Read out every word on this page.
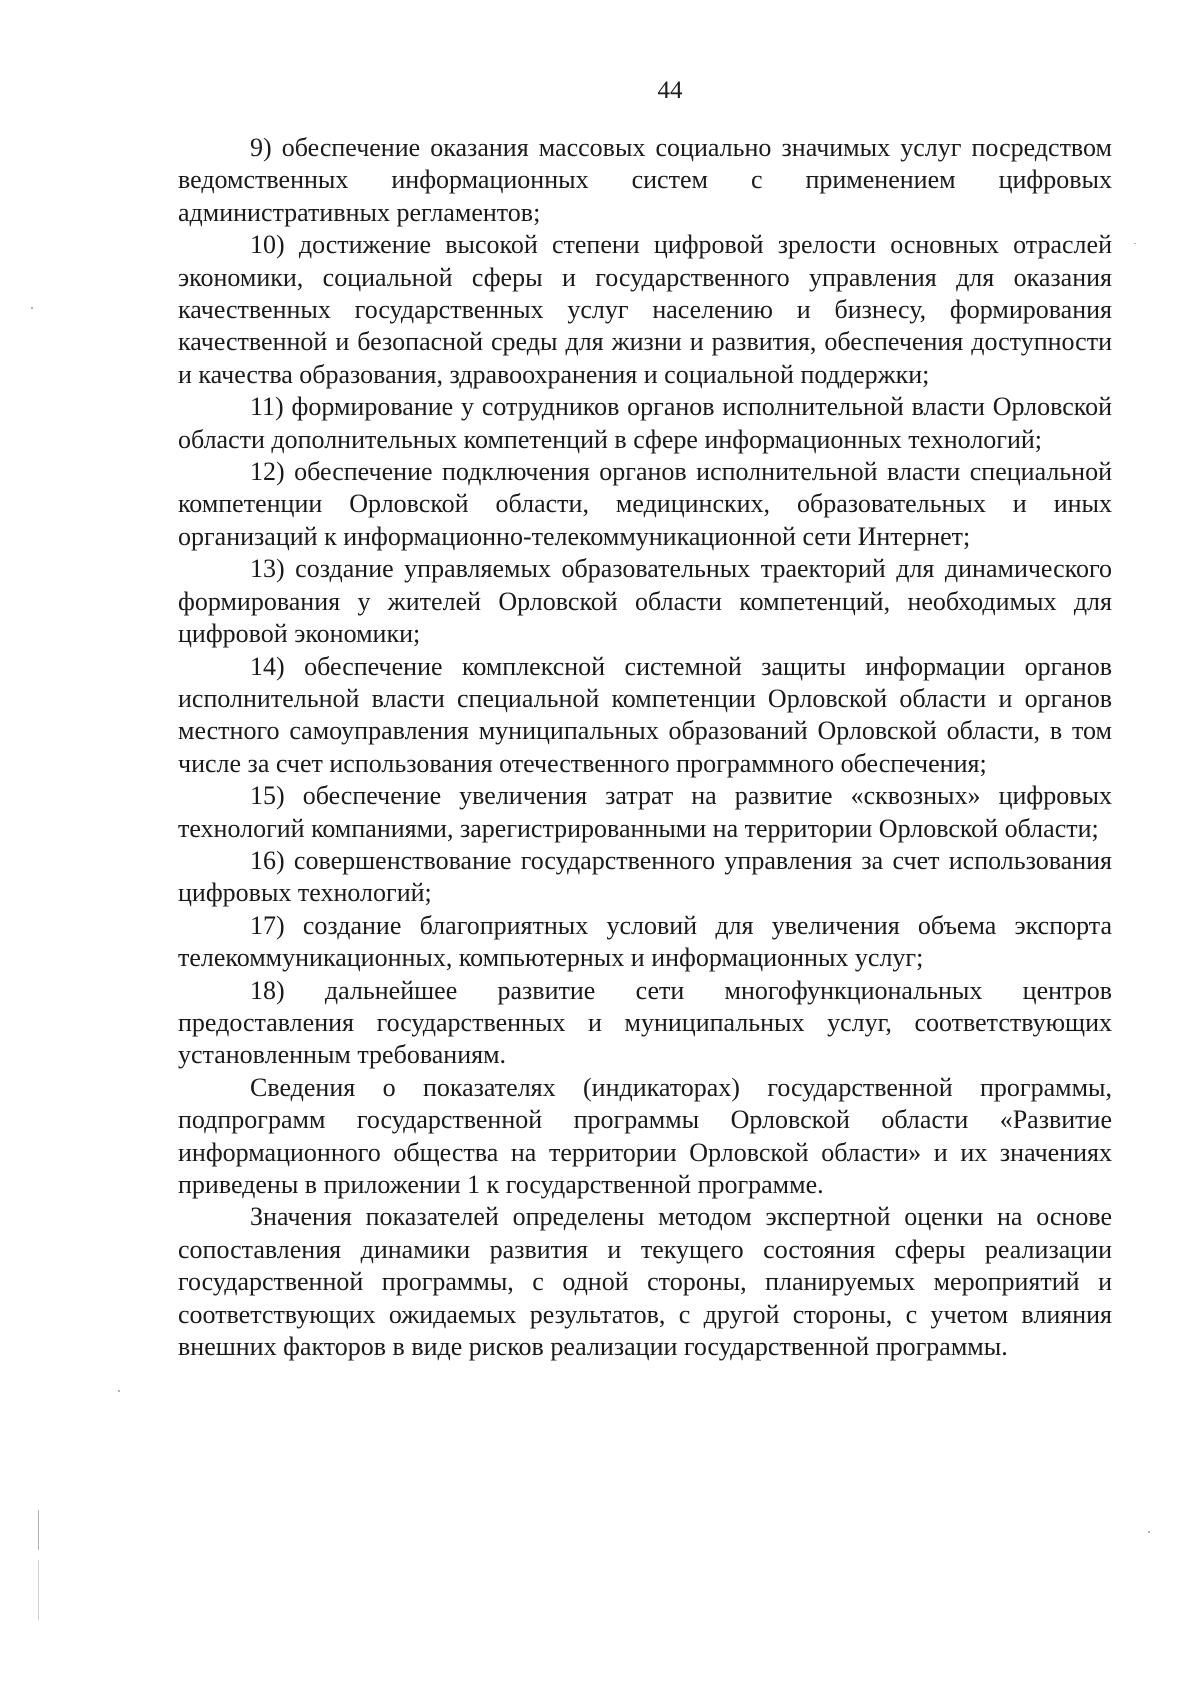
44

9) обеспечение оказания массовых социально значимых услуг посредством ведомственных информационных систем с применением цифровых административных регламентов;

10) достижение высокой степени цифровой зрелости основных отраслей экономики, социальной сферы и государственного управления для оказания качественных государственных услуг населению и бизнесу, формирования качественной и безопасной среды для жизни и развития, обеспечения доступности и качества образования, здравоохранения и социальной поддержки;

11) формирование у сотрудников органов исполнительной власти Орловской области дополнительных компетенций в сфере информационных технологий;

12) обеспечение подключения органов исполнительной власти специальной компетенции Орловской области, медицинских, образовательных и иных организаций к информационно-телекоммуникационной сети Интернет;

13) создание управляемых образовательных траекторий для динамического формирования у жителей Орловской области компетенций, необходимых для цифровой экономики;

14) обеспечение комплексной системной защиты информации органов исполнительной власти специальной компетенции Орловской области и органов местного самоуправления муниципальных образований Орловской области, в том числе за счет использования отечественного программного обеспечения;

15) обеспечение увеличения затрат на развитие «сквозных» цифровых технологий компаниями, зарегистрированными на территории Орловской области;

16) совершенствование государственного управления за счет использования цифровых технологий;

17) создание благоприятных условий для увеличения объема экспорта телекоммуникационных, компьютерных и информационных услуг;

18) дальнейшее развитие сети многофункциональных центров предоставления государственных и муниципальных услуг, соответствующих установленным требованиям.

Сведения о показателях (индикаторах) государственной программы, подпрограмм государственной программы Орловской области «Развитие информационного общества на территории Орловской области» и их значениях приведены в приложении 1 к государственной программе.

Значения показателей определены методом экспертной оценки на основе сопоставления динамики развития и текущего состояния сферы реализации государственной программы, с одной стороны, планируемых мероприятий и соответствующих ожидаемых результатов, с другой стороны, с учетом влияния внешних факторов в виде рисков реализации государственной программы.
